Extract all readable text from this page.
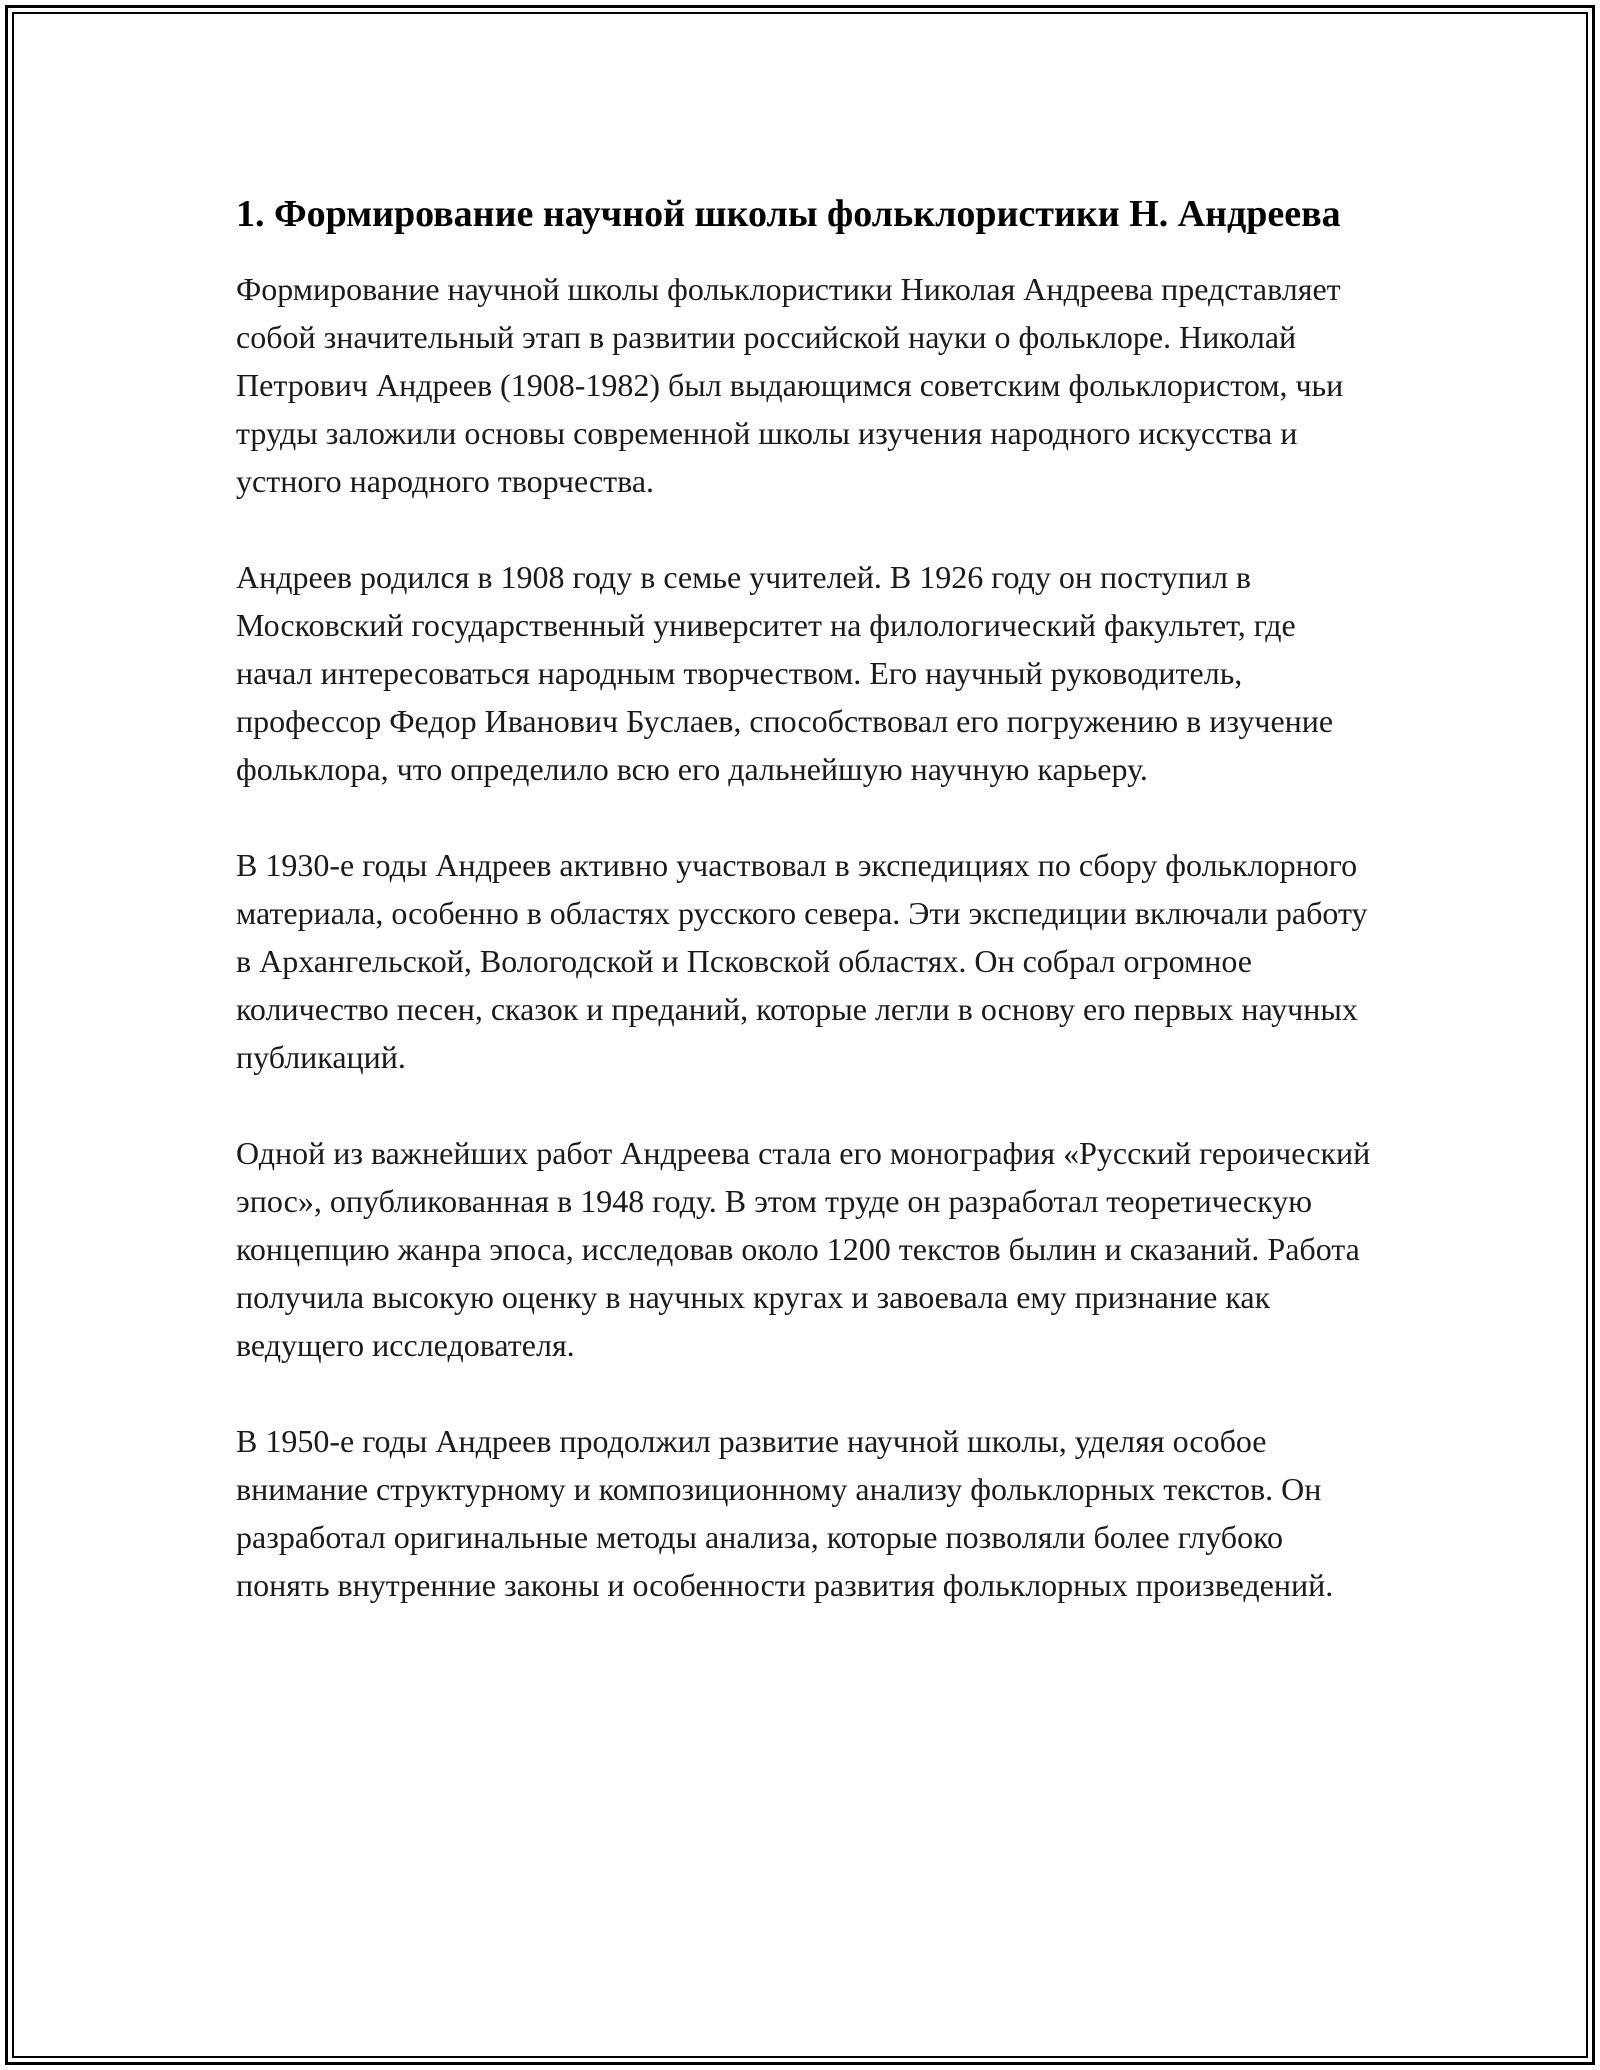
1. Формирование научной школы фольклористики Н. Андреева

Формирование научной школы фольклористики Николая Андреева представляет собой значительный этап в развитии российской науки о фольклоре. Николай Петрович Андреев (1908-1982) был выдающимся советским фольклористом, чьи труды заложили основы современной школы изучения народного искусства и устного народного творчества.

Андреев родился в 1908 году в семье учителей. В 1926 году он поступил в Московский государственный университет на филологический факультет, где начал интересоваться народным творчеством. Его научный руководитель, профессор Федор Иванович Буслаев, способствовал его погружению в изучение фольклора, что определило всю его дальнейшую научную карьеру.

В 1930-е годы Андреев активно участвовал в экспедициях по сбору фольклорного материала, особенно в областях русского севера. Эти экспедиции включали работу в Архангельской, Вологодской и Псковской областях. Он собрал огромное количество песен, сказок и преданий, которые легли в основу его первых научных публикаций.

Одной из важнейших работ Андреева стала его монография «Русский героический эпос», опубликованная в 1948 году. В этом труде он разработал теоретическую концепцию жанра эпоса, исследовав около 1200 текстов былин и сказаний. Работа получила высокую оценку в научных кругах и завоевала ему признание как ведущего исследователя.

В 1950-е годы Андреев продолжил развитие научной школы, уделяя особое внимание структурному и композиционному анализу фольклорных текстов. Он разработал оригинальные методы анализа, которые позволяли более глубоко понять внутренние законы и особенности развития фольклорных произведений.
